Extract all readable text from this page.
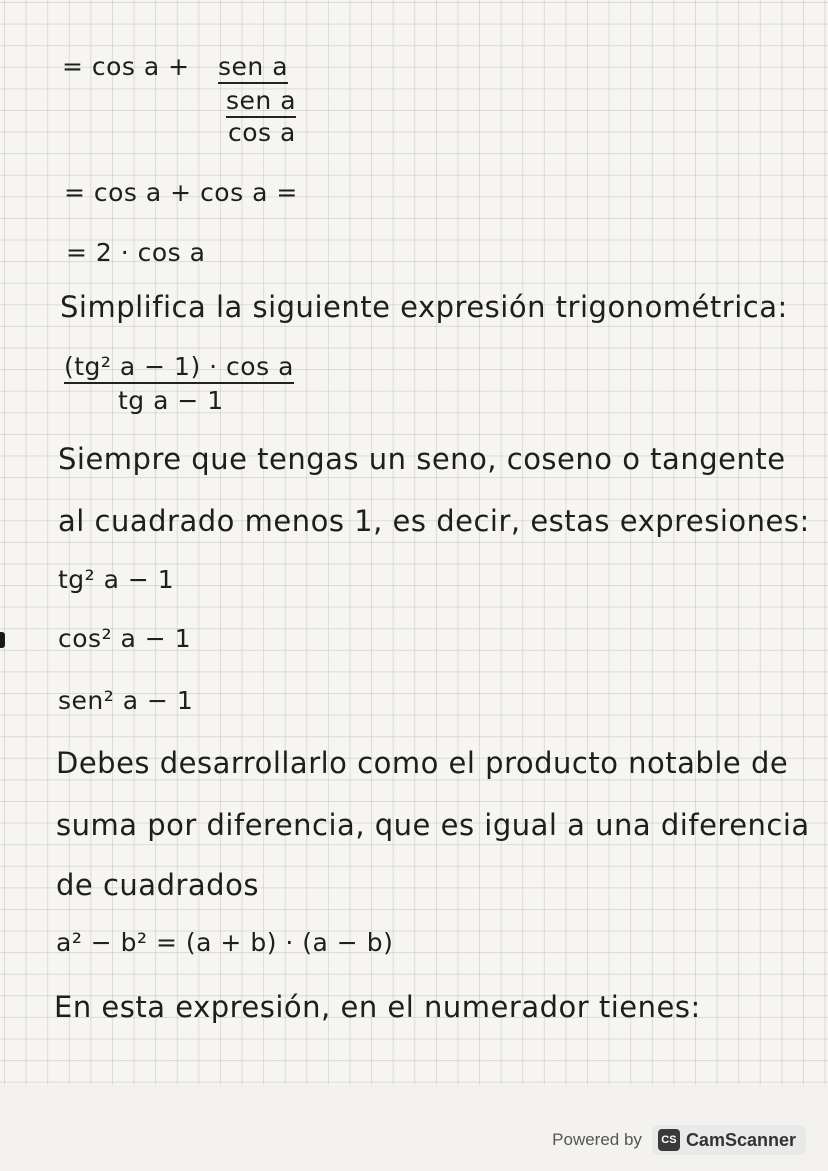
= cos a + sen a
sen a
cos a
= cos a + cos a =
= 2 · cos a
Simplifica la siguiente expresión trigonométrica:
(tg² a − 1) · cos a
tg a − 1
Siempre que tengas un seno, coseno o tangente
al cuadrado menos 1, es decir, estas expresiones:
tg² a − 1
cos² a − 1
sen² a − 1
Debes desarrollarlo como el producto notable de
suma por diferencia, que es igual a una diferencia
de cuadrados
a² − b² = (a + b) · (a − b)
En esta expresión, en el numerador tienes:
Powered by	CS CamScanner
